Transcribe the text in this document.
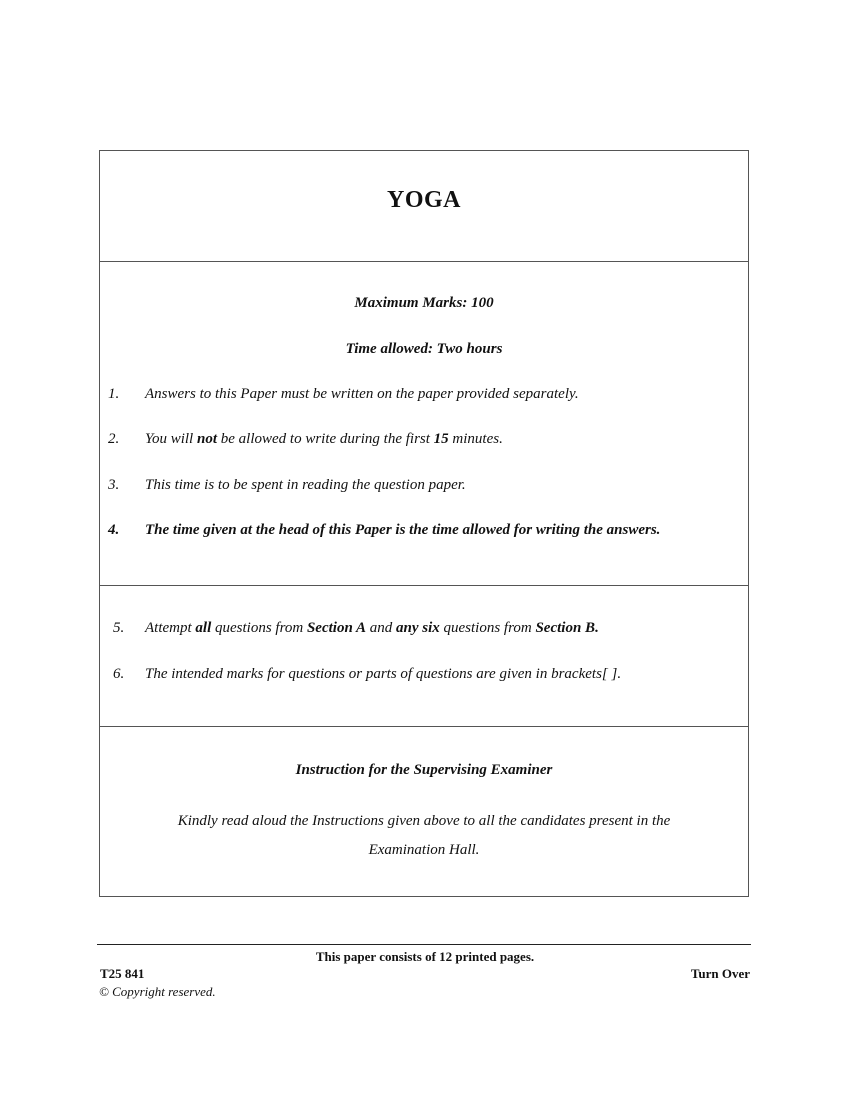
YOGA
Maximum Marks: 100
Time allowed: Two hours
1. Answers to this Paper must be written on the paper provided separately.
2. You will not be allowed to write during the first 15 minutes.
3. This time is to be spent in reading the question paper.
4. The time given at the head of this Paper is the time allowed for writing the answers.
5. Attempt all questions from Section A and any six questions from Section B.
6. The intended marks for questions or parts of questions are given in brackets[ ].
Instruction for the Supervising Examiner
Kindly read aloud the Instructions given above to all the candidates present in the
Examination Hall.
This paper consists of 12 printed pages.
T25 841	Turn Over
© Copyright reserved.
